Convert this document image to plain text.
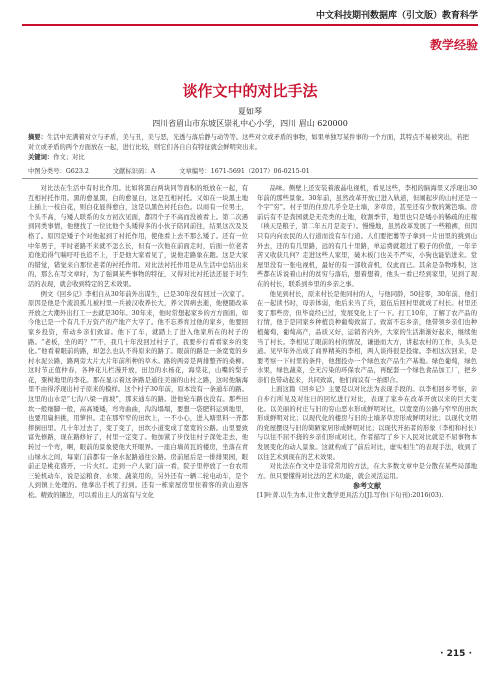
中文科技期刊数据库（引文版）教育科学
教学经验
谈作文中的对比手法
夏如琴
四川省眉山市东坡区崇礼中心小学，四川 眉山 620000
摘要：生活中充满着对立与矛盾，美与丑，美与恶，光透与落后静与动等等。这些对立或矛盾的事物，如果单独写某件事的一个方面，其特点不易被突出，若把对立或矛盾的两个方面放在一起，进行比较，则它们各自自有特征就会鲜明突出来。
关键词：作文；对比
中图分类号：G623.2	文献标识码：A	文章编号：1671-5691（2017）06-0215-01

对比法在生活中有时比作用。比如将黑白两块同等面积的纸放在一起，有互相衬托作用。黑的愈显黑，白的愈显白，这是互相衬托。又如在一块黑土地上插上一枝白花，则白花显得愈白，这是以黑色衬托白色。以商有一位男士，个头不高，与矮人联系的女方初次见面，都因个子不高而没被看上。第二次遇到同类事情，他便找了一位比他个头矮得多的小伙子陪同前往，结果这次及及格了。原因是矮子个对他起到了衬托作用，使他看上去不那么矮了。还有一位中年男子，平时老路不来就不怎么长，但有一次他在前面走时，后面一位老者追他追得气喘吁吁也追不上，于是他大家看见了，说他走路象在跑。这是大家的错觉，错觉来自那位老者的衬托作用。对比法衬托作用是从生活中总结出来的，那么在写文章时，为了强调某些事物的特征，又得对比衬托法还显于对生活的表现，就会收到特定的艺术效果。

例文《回乡记》李相自从30年前外出谋生，已是30年没有回过一次家了。原因是他是个流浪孤儿被村里一兵被汉收养长大，养父因病去逝，他便随改革开放之大潮外出打工一去就是30年。30年来，他时常想起家乡的方方面面，如今他已是一个有几千万资产的产地产大亨了。他不忘养育过他的家乡，他要回家乡投资，带动乡亲们致富。他下了车，就踏上了进入他家所在的村子的路。“老板，坐的吗？”“不，我几十年没回过村子了，我要步行看看家乡的变化。”他看着眼前的路，却怎么也认不得原来的路了。眼前的路是一条宽宽的乡村水泥公路，路两旁大片大片年前所种的草木。路的两旁是两排整齐的桑柳。这时节正值仲春，各种花儿栏漫开放，田边的水杨花，海棠花，山嘴的梨子花，粟树地里的李花。那在显示着这条路是通往美丽的山村之路，这时他脑海里不由得浮现出村子原来的模样。这个村子30年前，原本没有一条通车的路。这里的山水是“七沟八梁一面坡”，那来通车的路。进他轮车路也没有。那些田坎一般细脚一般，高高矮矮，弯弯曲曲，沟沟塌塌，要想一袋肥料运到地里，也要用扁担挑，用箩担。走在那窄窄的田坎上，一不小心，进入塘里料一齐都摔倒田里。几十年过去了，变了变了，田坎小道变成了宽宽的公路。山里要致富先修路，现在路修好了，村里一定变了。他加紧了步伐往村子深处走去，他转过一个弯，啊，眼前的景象使他大开眼界。一座白墙黄瓦的楼房，坐落在青山绿水之间，每家门前都有一条水泥路通往公路。房前屋后是一排排果园，眼前正是桃花盛开，一片火红。走到一户人家门前一看，院子里停放了一台农用三轮机动车，说是运粮食、水果、蔬菜用的，另外还有一辆二轮电动车，是个人到镇上处理的。他拿出手机了打到。还有一栋家屋房里住着客的黄山迎客松。精致的镶边，可以看出主人的富有与文化

品味。侧壁上还安装着液晶电视机，看见这些，李相的脑海里又浮现出30年前的那些景象。30年前，虽然改革开放已进入轨道，但闹起步的山村还是一个字“穷”。村子里的住房几乎全是土墙，茅草房，甚至还有少数的篱笆墙。房前后有不是粪园就是无壳类的土地，收割季节，地里也只是矮小的稀疏的庄稼（秧天是粮子，第二年五月是麦子）。慢慢地，虽然改革发展了一些粮裤，但因只有内向农民的人行道而没有车行道。人们要把薯等子拿到一片田里的挑到山外去，还的有几里路，远的有几十里路，单运费就超过了粮子的价值，一年辛苦又收获几何？走进这些人家里，破木板门也关不严实，小狗也能钻进来。堂屋里没有一张电视机，最好的有一部收音机，仅此而已。其余是杂物堆积，这些都在诉说着山村的贫穷与落后，想着想着，他头一看已经到家里，见到了现在的村长，联系到乡里的乡亲之事。

他见到村长，原来村长是他同村的人，与他同龄，50挂零，30年前，他们在一起读书时，母亲体弱，他后来当了兵，退伍后回村里就成了村长。村里还变了那些房，但毕竟经已过，发展变化上了一下。打工10年，了解了农产品的行情，他于是同家乡种植良种葡萄致富了。致富不忘乡亲，他带领乡亲们也种植葡萄，葡萄高产，品质又好，运销省内外，大家的生活渐渐好起来，继续他当了村长。李相见了眼前的村的情况，谦逊而大方，讲起农村的工作，头头是道。见早年外出成了商界精英的李相，两人谈得很是投缘。李相这次回来，是要考察一下村里的条件，他想投办一个绿色农产品生产基地。绿色葡萄，绿色水果，绿色蔬菜，全无污染的环保农产品，再配套一个绿色食品加工厂，把乡亲们也带动起来，共同致富，他们商议有一拍即合。

上面这篇《回乡记》主要是以对比法为表现手段的。以李相回乡考察，亲自步行所见及对往日的回忆进行对比，表现了家乡在改革开放以来的巨大变化。以美丽的村庄与旧的穷山恶水形成鲜明对比，以宽宽的公路与窄窄的田坎形成鲜明对比；以现代化的楼房与旧的土墙茅草房形成鲜明对比；以现代文明的党屋摆设与旧的简陋家居形成鲜明对比；以现代开拓者的形象（李相和村长）与以往不屈不挠的乡亲们形成对比，作者描写了乡下人民对比就是不屈事物本发展变化的动人景象。这就构成了“前后对比，虚实相生”的表现手法，收到了以往艺术到现在的艺术效果。

对比法在作文中是非常常用的方法，在大多数文章中是分散在某些局部地方。但只要懂得对比法的艺术功能，就会灵活运用。

参考文献

[1]叶菁.以生为本,让作文教学更具活力[J].写作(下旬刊):2016(03).

· 215 ·
